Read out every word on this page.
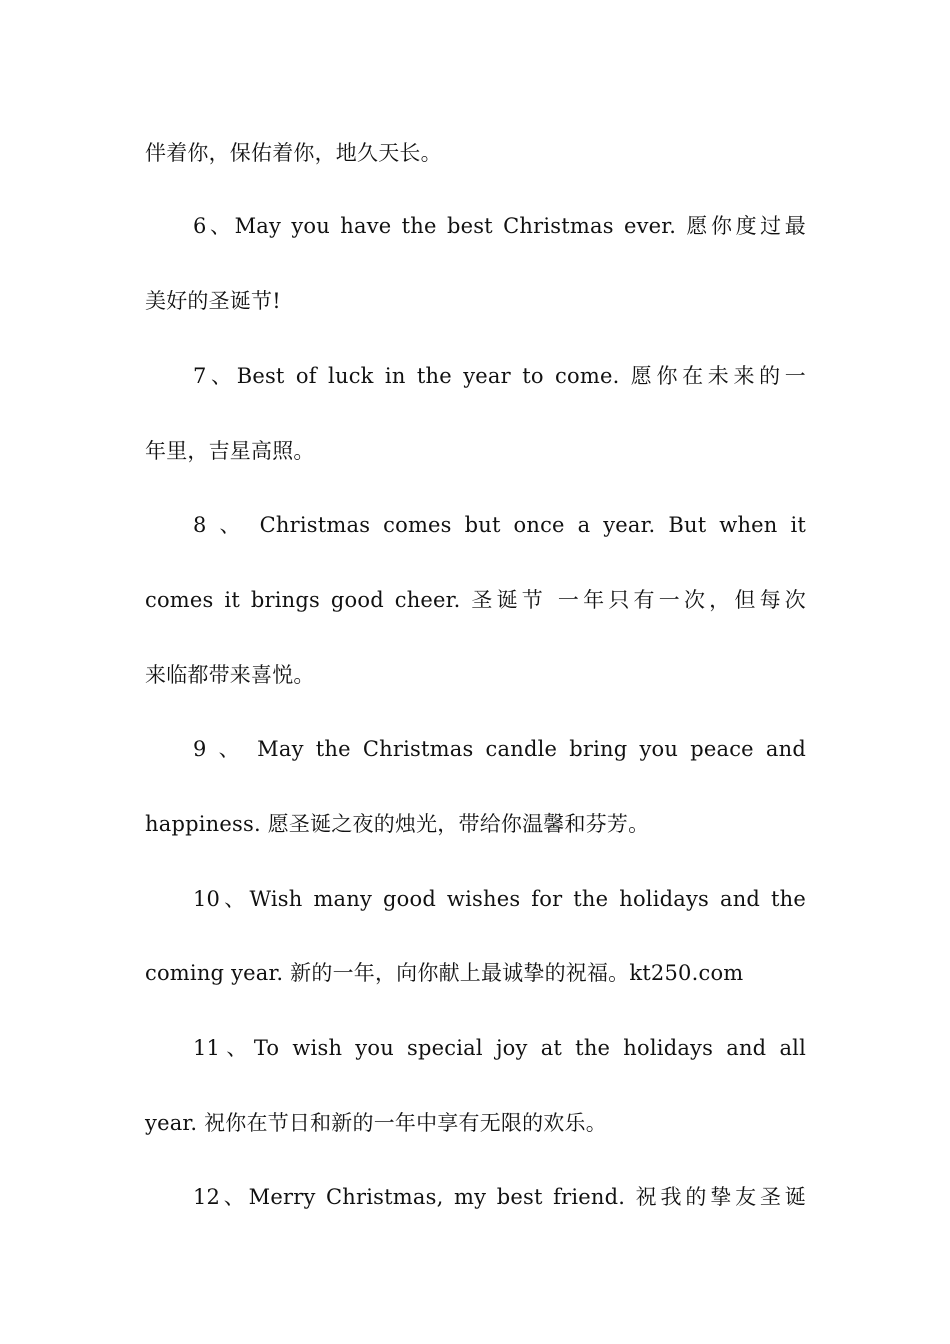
伴着你，保佑着你，地久天长。
6、May you have the best Christmas ever. 愿你度过最
美好的圣诞节!
7、Best of luck in the year to come. 愿你在未来的一
年里，吉星高照。
8 、 Christmas comes but once a year. But when it
comes it brings good cheer. 圣诞节 一年只有一次，但每次
来临都带来喜悦。
9 、 May the Christmas candle bring you peace and
happiness. 愿圣诞之夜的烛光，带给你温馨和芬芳。
10、Wish many good wishes for the holidays and the
coming year. 新的一年，向你献上最诚挚的祝福。kt250.com
11、To wish you special joy at the holidays and all
year. 祝你在节日和新的一年中享有无限的欢乐。
12、Merry Christmas, my best friend. 祝我的挚友圣诞
